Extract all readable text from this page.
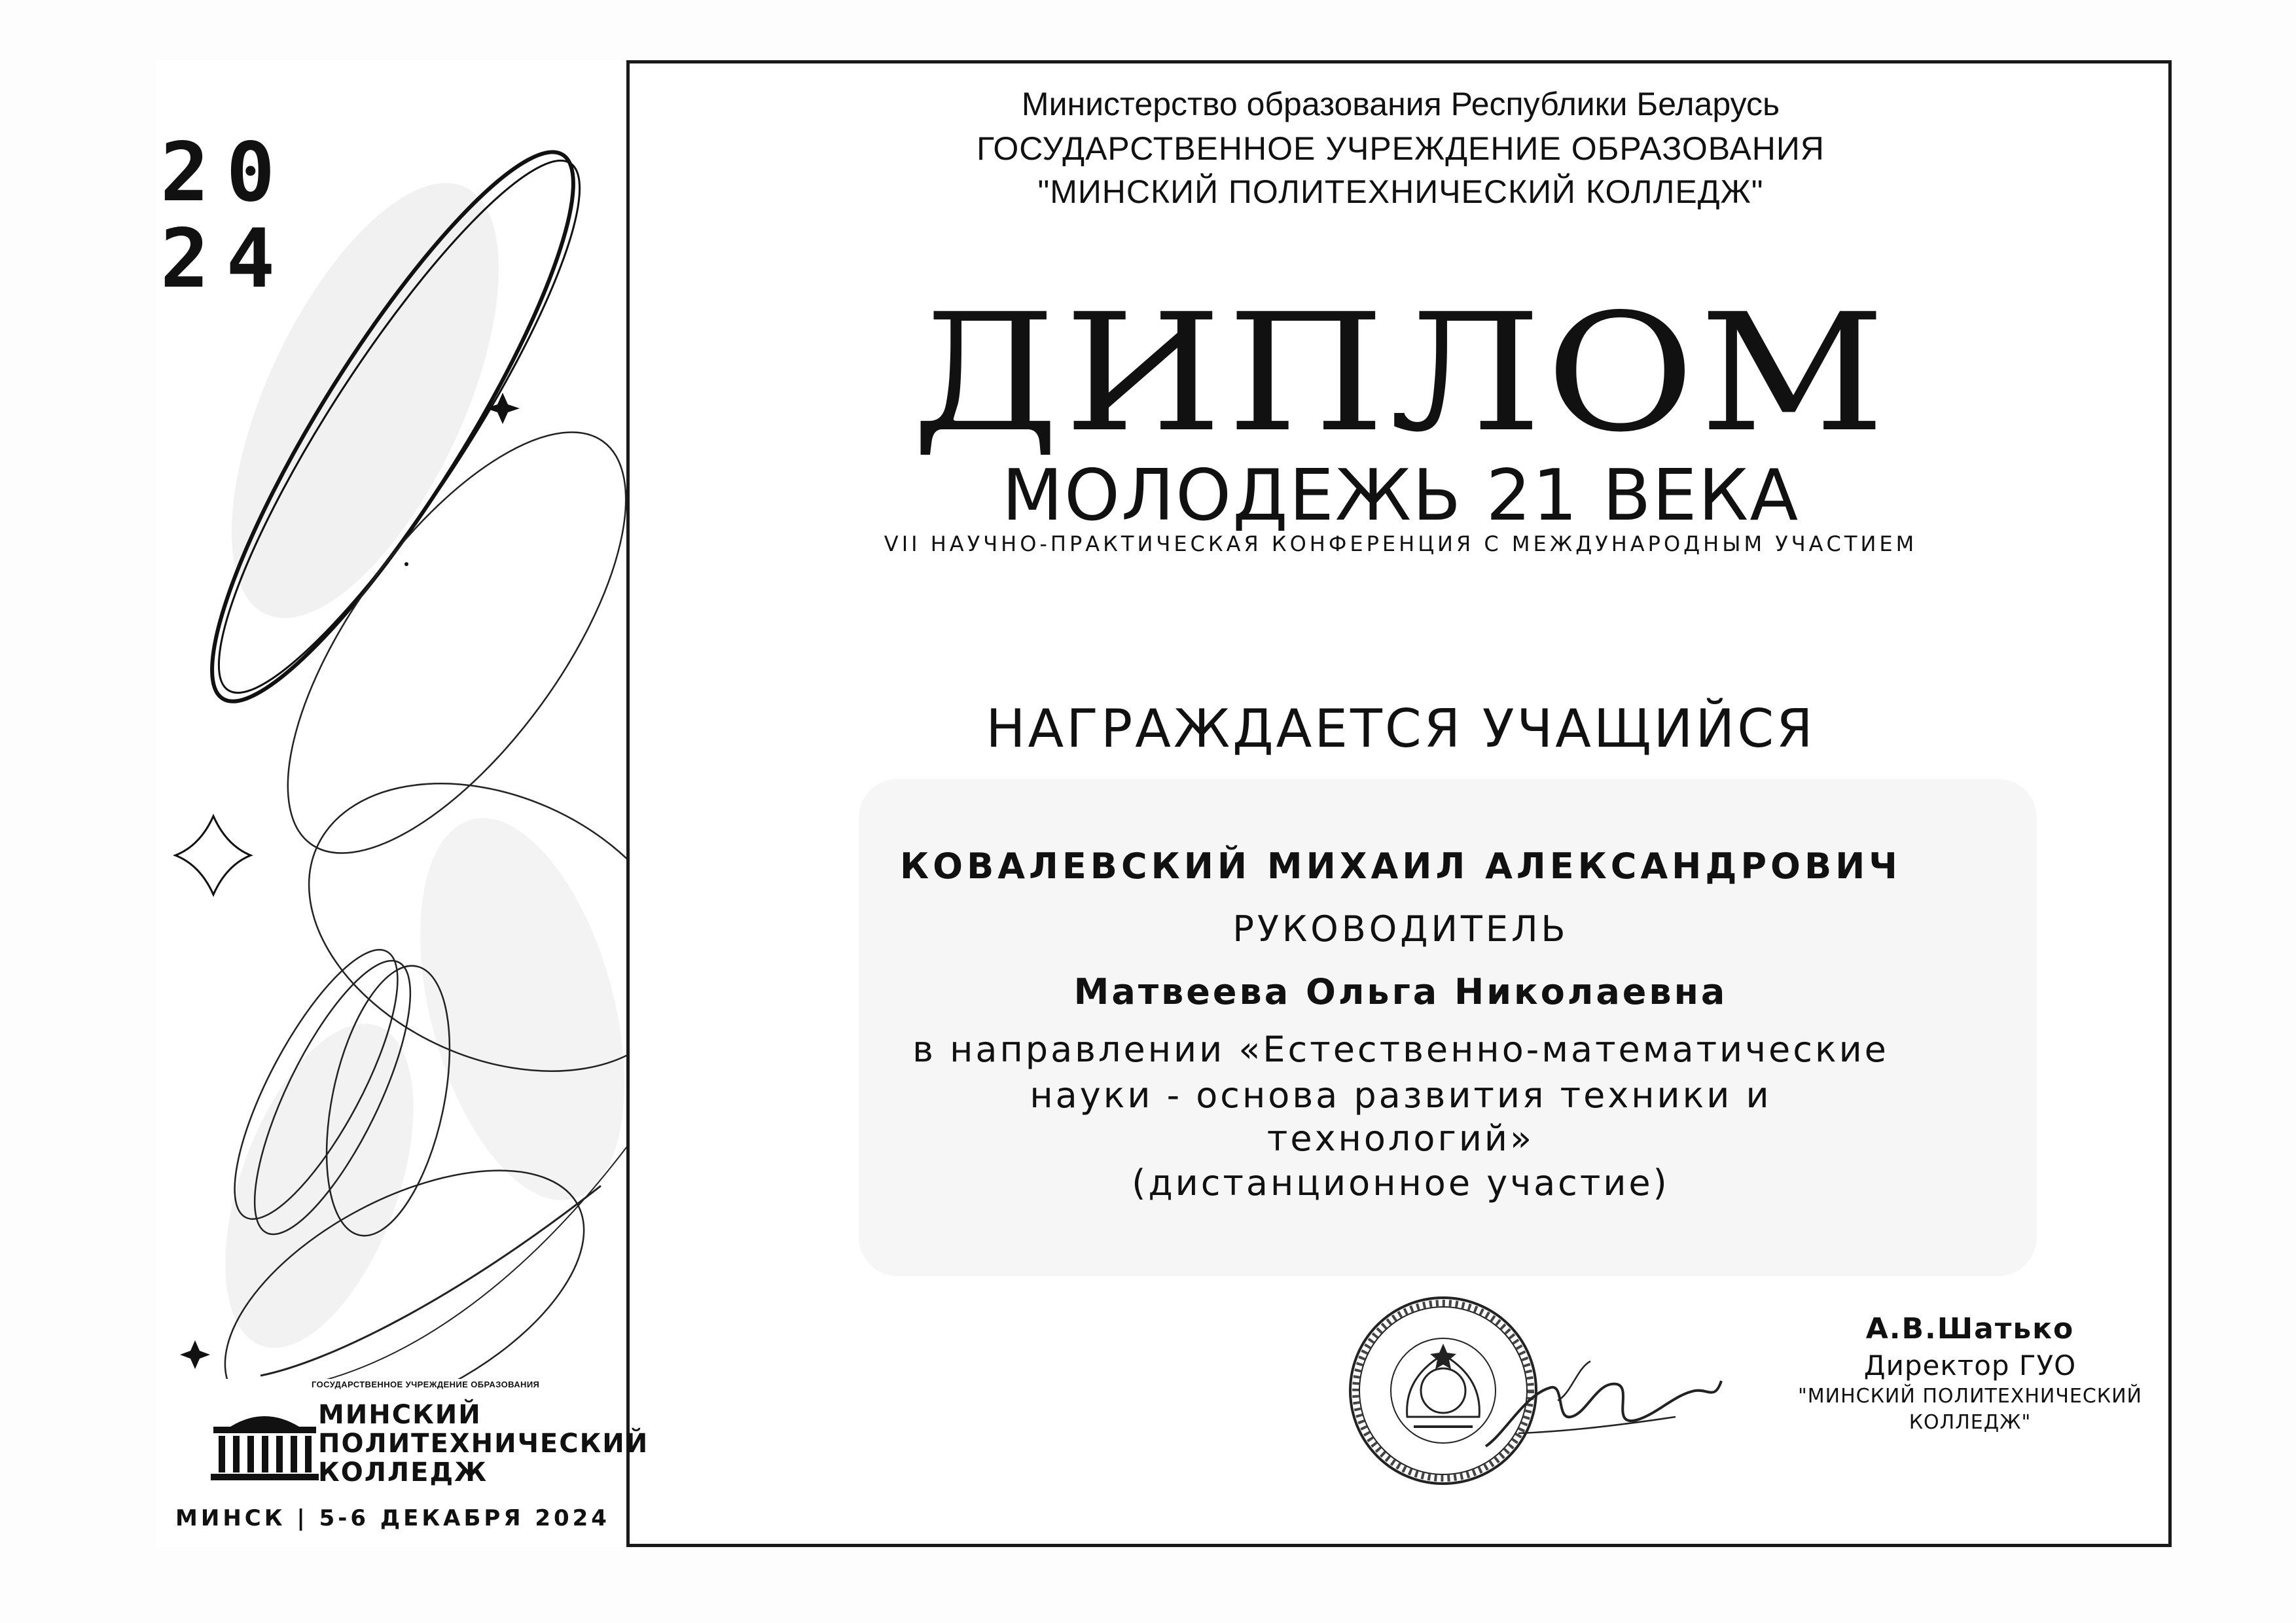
20
24
ГОСУДАРСТВЕННОЕ УЧРЕЖДЕНИЕ ОБРАЗОВАНИЯ
МИНСКИЙ
ПОЛИТЕХНИЧЕСКИЙ
КОЛЛЕДЖ
МИНСК | 5-6 ДЕКАБРЯ 2024
Министерство образования Республики Беларусь
ГОСУДАРСТВЕННОЕ УЧРЕЖДЕНИЕ ОБРАЗОВАНИЯ
"МИНСКИЙ ПОЛИТЕХНИЧЕСКИЙ КОЛЛЕДЖ"
ДИПЛОМ
МОЛОДЕЖЬ 21 ВЕКА
VII НАУЧНО-ПРАКТИЧЕСКАЯ КОНФЕРЕНЦИЯ С МЕЖДУНАРОДНЫМ УЧАСТИЕМ
НАГРАЖДАЕТСЯ УЧАЩИЙСЯ
КОВАЛЕВСКИЙ МИХАИЛ АЛЕКСАНДРОВИЧ
РУКОВОДИТЕЛЬ
Матвеева Ольга Николаевна
в направлении «Естественно-математические
науки - основа развития техники и
технологий»
(дистанционное участие)
А.В.Шатько
Директор ГУО
"МИНСКИЙ ПОЛИТЕХНИЧЕСКИЙ
КОЛЛЕДЖ"
